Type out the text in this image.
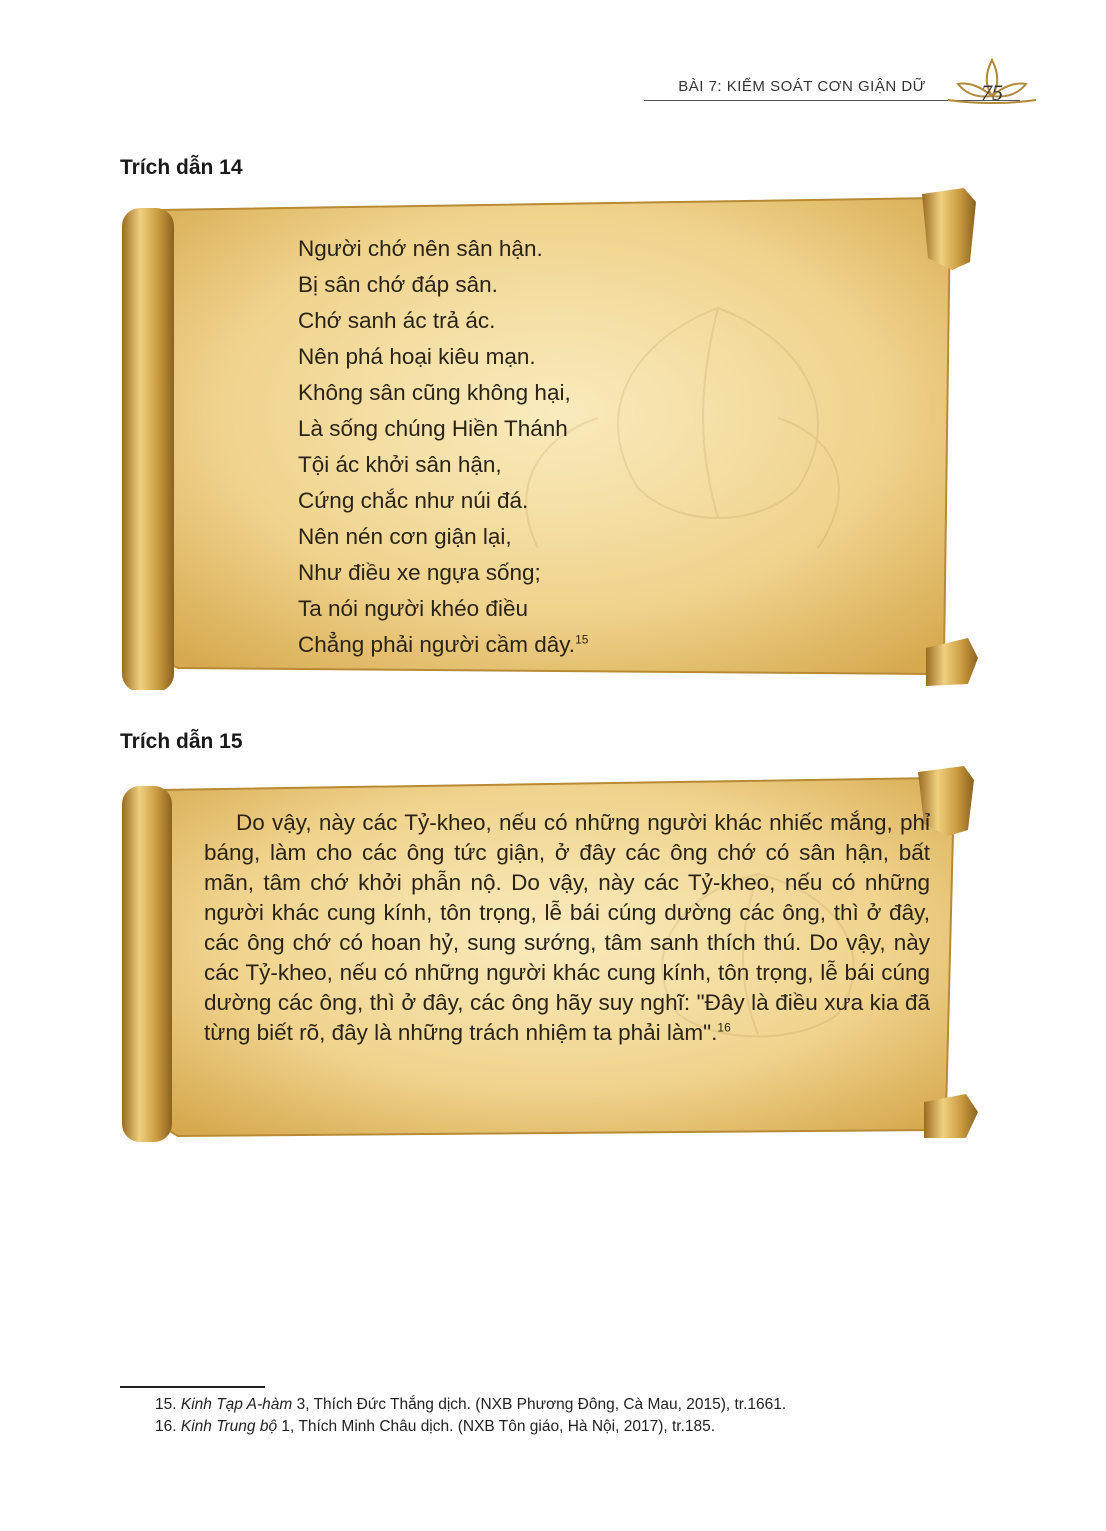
BÀI 7: KIỂM SOÁT CƠN GIẬN DỮ	75
Trích dẫn 14
Người chớ nên sân hận.
Bị sân chớ đáp sân.
Chớ sanh ác trả ác.
Nên phá hoại kiêu mạn.
Không sân cũng không hại,
Là sống chúng Hiền Thánh
Tội ác khởi sân hận,
Cứng chắc như núi đá.
Nên nén cơn giận lại,
Như điều xe ngựa sống;
Ta nói người khéo điều
Chẳng phải người cầm dây.$^{15}$
Trích dẫn 15
Do vậy, này các Tỷ-kheo, nếu có những người khác nhiếc mắng, phỉ báng, làm cho các ông tức giận, ở đây các ông chớ có sân hận, bất mãn, tâm chớ khởi phẫn nộ. Do vậy, này các Tỷ-kheo, nếu có những người khác cung kính, tôn trọng, lễ bái cúng dường các ông, thì ở đây, các ông chớ có hoan hỷ, sung sướng, tâm sanh thích thú. Do vậy, này các Tỷ-kheo, nếu có những người khác cung kính, tôn trọng, lễ bái cúng dường các ông, thì ở đây, các ông hãy suy nghĩ: "Đây là điều xưa kia đã từng biết rõ, đây là những trách nhiệm ta phải làm".$^{16}$

15. Kinh Tạp A-hàm 3, Thích Đức Thắng dịch. (NXB Phương Đông, Cà Mau, 2015), tr.1661.

16. Kinh Trung bộ 1, Thích Minh Châu dịch. (NXB Tôn giáo, Hà Nội, 2017), tr.185.
